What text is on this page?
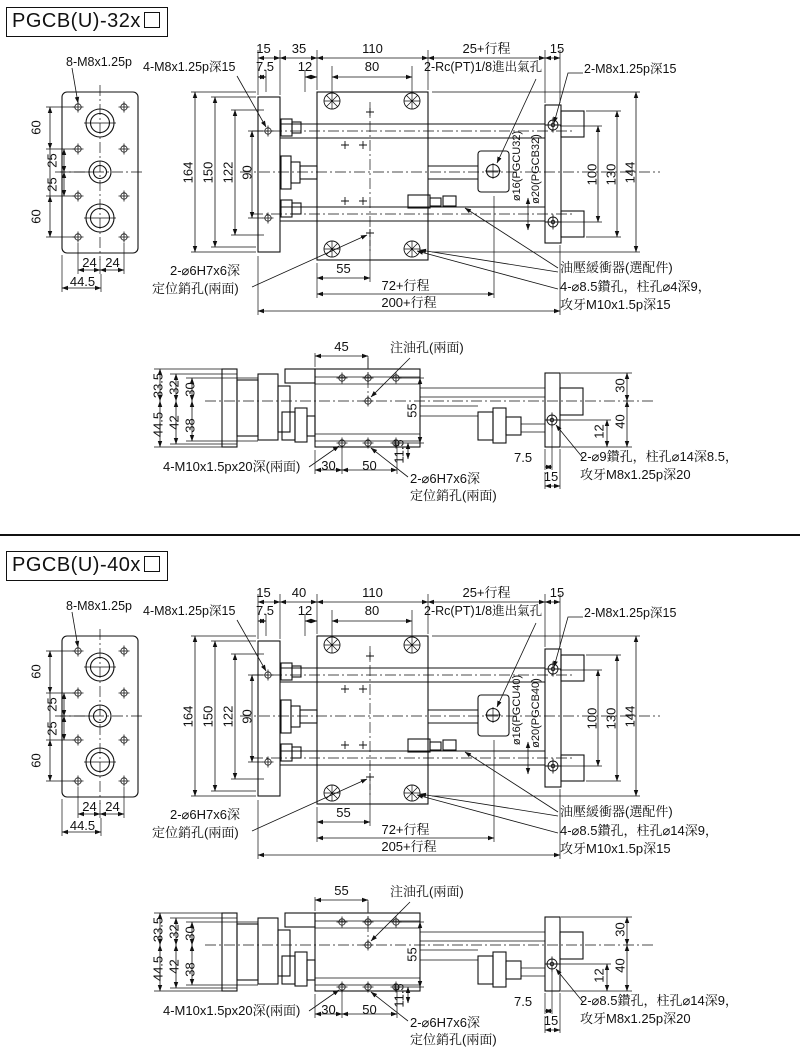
PGCB(U)-32x
8-M8x1.25p
60
25
25
60
24 24
44.5
4-M8x1.25p深15
15	35	110	25+行程	15
7.5	12	80	2-Rc(PT)1/8進出氣孔	2-M8x1.25p深15
164 150 122 90	ø16(PGCU32) ø20(PGCB32)	100 130 144
油壓緩衝器(選配件)
4-⌀8.5鑽孔，柱孔⌀4深9，
攻牙M10x1.5p深15
2-⌀6H7x6深
定位銷孔(兩面)
55
72+行程
200+行程
45	注油孔(兩面)
33.5 32 30
44.5 42 38
55
11.5
4-M10x1.5px20深(兩面)	30	50
2-⌀6H7x6深
定位銷孔(兩面)
30
40
12
7.5
15
2-⌀9鑽孔，柱孔⌀14深8.5，
攻牙M8x1.25p深20
PGCB(U)-40x
8-M8x1.25p
60
25
25
60
24 24
44.5
4-M8x1.25p深15
15	40	110	25+行程	15
7.5	12	80	2-Rc(PT)1/8進出氣孔	2-M8x1.25p深15
164 150 122 90	ø16(PGCU40) ø20(PGCB40)	100 130 144
油壓緩衝器(選配件)
4-⌀8.5鑽孔，柱孔⌀14深9，
攻牙M10x1.5p深15
2-⌀6H7x6深
定位銷孔(兩面)
55
72+行程
205+行程
55	注油孔(兩面)
33.5 32 30
44.5 42 38
55
11.5
4-M10x1.5px20深(兩面)	30	50
2-⌀6H7x6深
定位銷孔(兩面)
30
40
12
7.5
15
2-⌀8.5鑽孔，柱孔⌀14深9，
攻牙M8x1.25p深20
